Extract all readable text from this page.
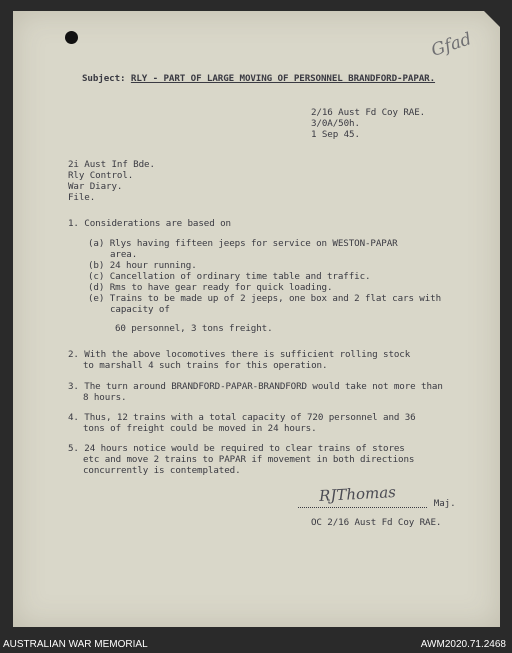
Gfad
Subject: RLY - PART OF LARGE MOVING OF PERSONNEL BRANDFORD-PAPAR.
2/16 Aust Fd Coy RAE.
3/0A/50h.
1 Sep 45.
2i Aust Inf Bde.
Rly Control.
War Diary.
File.
1. Considerations are based on
(a) Rlys having fifteen jeeps for service on WESTON-PAPAR
area.
(b) 24 hour running.
(c) Cancellation of ordinary time table and traffic.
(d) Rms to have gear ready for quick loading.
(e) Trains to be made up of 2 jeeps, one box and 2 flat cars with
capacity of
60 personnel, 3 tons freight.
2. With the above locomotives there is sufficient rolling stock
to marshall 4 such trains for this operation.
3. The turn around BRANDFORD-PAPAR-BRANDFORD would take not more than
8 hours.
4. Thus, 12 trains with a total capacity of 720 personnel and 36
tons of freight could be moved in 24 hours.
5. 24 hours notice would be required to clear trains of stores
etc and move 2 trains to PAPAR if movement in both directions
concurrently is contemplated.
RJThomas	Maj.
OC 2/16 Aust Fd Coy RAE.
AUSTRALIAN WAR MEMORIAL	AWM2020.71.2468
